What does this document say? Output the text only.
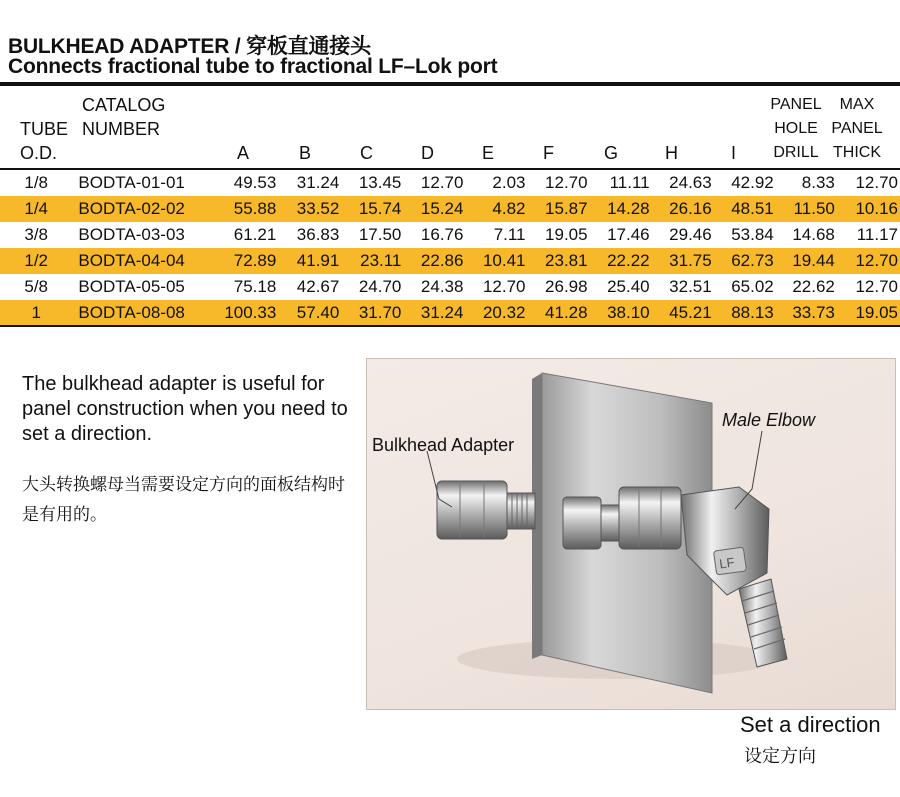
BULKHEAD ADAPTER / 穿板直通接头
Connects fractional tube to fractional LF–Lok port
TUBE
O.D.
CATALOG
NUMBER
A	B	C	D	E	F	G	H	I
PANEL
HOLE
DRILL
MAX
PANEL
THICK
1/8	BODTA-01-01	49.53	31.24	13.45	12.70	2.03	12.70	11.11	24.63	42.92	8.33	12.70
1/4	BODTA-02-02	55.88	33.52	15.74	15.24	4.82	15.87	14.28	26.16	48.51	11.50	10.16
3/8	BODTA-03-03	61.21	36.83	17.50	16.76	7.11	19.05	17.46	29.46	53.84	14.68	11.17
1/2	BODTA-04-04	72.89	41.91	23.11	22.86	10.41	23.81	22.22	31.75	62.73	19.44	12.70
5/8	BODTA-05-05	75.18	42.67	24.70	24.38	12.70	26.98	25.40	32.51	65.02	22.62	12.70
1	BODTA-08-08	100.33	57.40	31.70	31.24	20.32	41.28	38.10	45.21	88.13	33.73	19.05
The bulkhead adapter is useful for panel construction when you need to set a direction.
大头转换螺母当需要设定方向的面板结构时是有用的。
LF
Bulkhead Adapter
Male Elbow
Set a direction
设定方向
